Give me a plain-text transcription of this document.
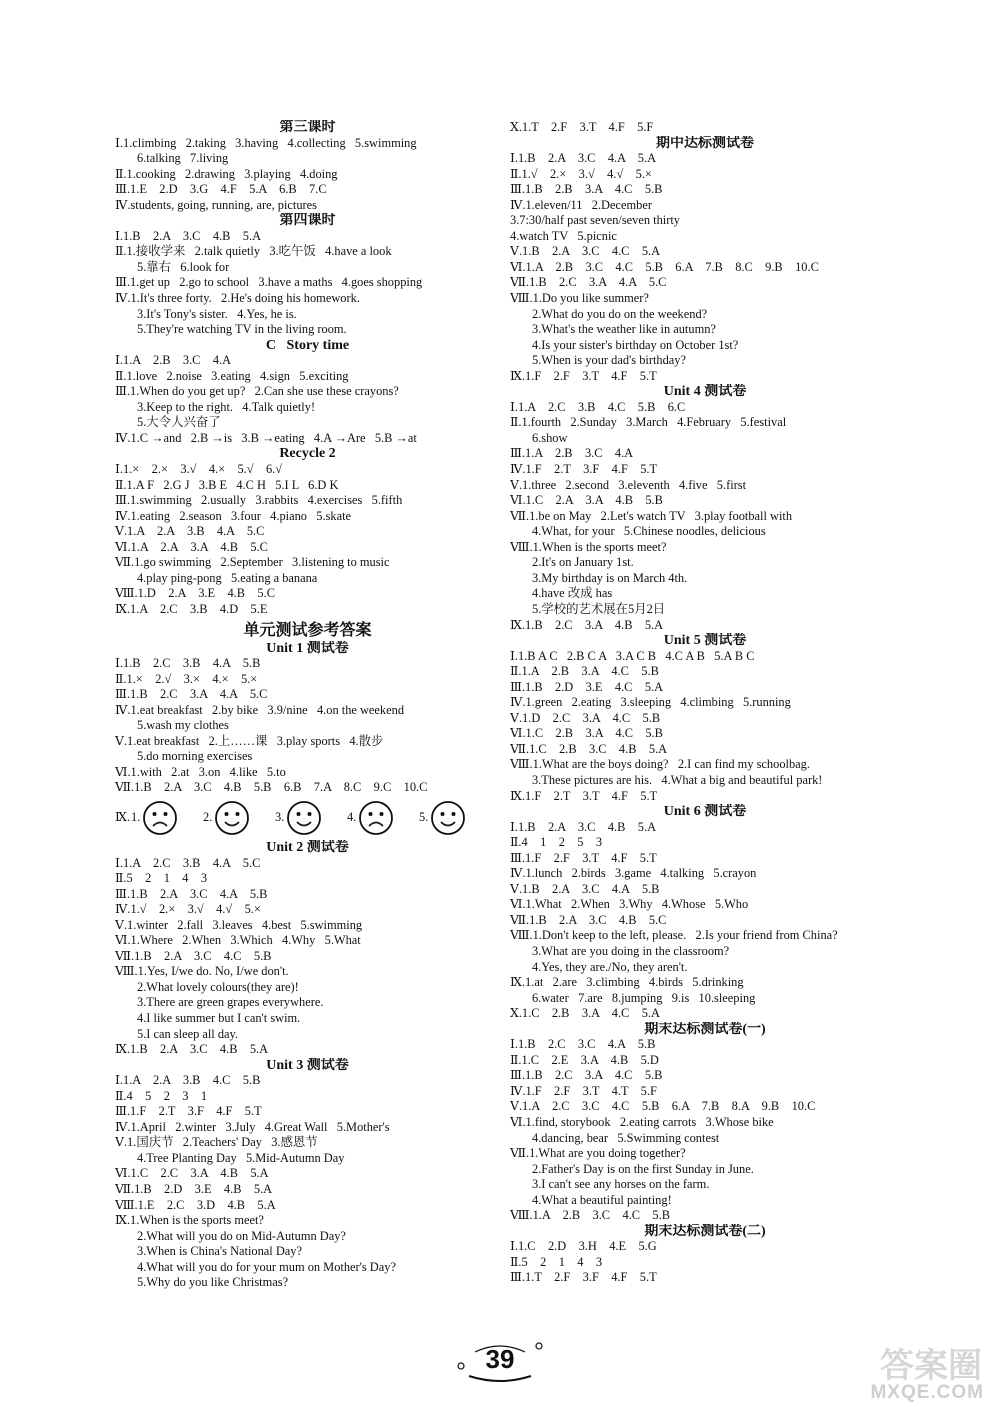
第三课时
Ⅰ.1.climbing   2.taking   3.having   4.collecting   5.swimming
6.talking   7.living
Ⅱ.1.cooking   2.drawing   3.playing   4.doing
Ⅲ.1.E    2.D    3.G    4.F    5.A    6.B    7.C
Ⅳ.students, going, running, are, pictures
第四课时
Ⅰ.1.B    2.A    3.C    4.B    5.A
Ⅱ.1.接收学来   2.talk quietly   3.吃午饭   4.have a look
5.靠右   6.look for
Ⅲ.1.get up   2.go to school   3.have a maths   4.goes shopping
Ⅳ.1.It's three forty.   2.He's doing his homework.
3.It's Tony's sister.   4.Yes, he is.
5.They're watching TV in the living room.
C   Story time
Ⅰ.1.A    2.B    3.C    4.A
Ⅱ.1.love   2.noise   3.eating   4.sign   5.exciting
Ⅲ.1.When do you get up?   2.Can she use these crayons?
3.Keep to the right.   4.Talk quietly!
5.大令人兴奋了
Ⅳ.1.C →and   2.B →is   3.B →eating   4.A →Are   5.B →at
Recycle 2
Ⅰ.1.×    2.×    3.√    4.×    5.√    6.√
Ⅱ.1.A F   2.G J   3.B E   4.C H   5.I L   6.D K
Ⅲ.1.swimming   2.usually   3.rabbits   4.exercises   5.fifth
Ⅳ.1.eating   2.season   3.four   4.piano   5.skate
Ⅴ.1.A    2.A    3.B    4.A    5.C
Ⅵ.1.A    2.A    3.A    4.B    5.C
Ⅶ.1.go swimming   2.September   3.listening to music
4.play ping-pong   5.eating a banana
Ⅷ.1.D    2.A    3.E    4.B    5.C
Ⅸ.1.A    2.C    3.B    4.D    5.E
单元测试参考答案
Unit 1 测试卷
Ⅰ.1.B    2.C    3.B    4.A    5.B
Ⅱ.1.×    2.√    3.×    4.×    5.×
Ⅲ.1.B    2.C    3.A    4.A    5.C
Ⅳ.1.eat breakfast   2.by bike   3.9/nine   4.on the weekend
5.wash my clothes
Ⅴ.1.eat breakfast   2.上……课   3.play sports   4.散步
5.do morning exercises
Ⅵ.1.with   2.at   3.on   4.like   5.to
Ⅶ.1.B    2.A    3.C    4.B    5.B    6.B    7.A    8.C    9.C    10.C
Ⅸ. 1.	2.	3.	4.	5.
Unit 2 测试卷
Ⅰ.1.A    2.C    3.B    4.A    5.C
Ⅱ.5    2    1    4    3
Ⅲ.1.B    2.A    3.C    4.A    5.B
Ⅳ.1.√    2.×    3.√    4.√    5.×
Ⅴ.1.winter   2.fall   3.leaves   4.best   5.swimming
Ⅵ.1.Where   2.When   3.Which   4.Why   5.What
Ⅶ.1.B    2.A    3.C    4.C    5.B
Ⅷ.1.Yes, I/we do. No, I/we don't.
2.What lovely colours(they are)!
3.There are green grapes everywhere.
4.I like summer but I can't swim.
5.I can sleep all day.
Ⅸ.1.B    2.A    3.C    4.B    5.A
Unit 3 测试卷
Ⅰ.1.A    2.A    3.B    4.C    5.B
Ⅱ.4    5    2    3    1
Ⅲ.1.F    2.T    3.F    4.F    5.T
Ⅳ.1.April   2.winter   3.July   4.Great Wall   5.Mother's
Ⅴ.1.国庆节   2.Teachers' Day   3.感恩节
4.Tree Planting Day   5.Mid-Autumn Day
Ⅵ.1.C    2.C    3.A    4.B    5.A
Ⅶ.1.B    2.D    3.E    4.B    5.A
Ⅷ.1.E    2.C    3.D    4.B    5.A
Ⅸ.1.When is the sports meet?
2.What will you do on Mid-Autumn Day?
3.When is China's National Day?
4.What will you do for your mum on Mother's Day?
5.Why do you like Christmas?
Ⅹ.1.T    2.F    3.T    4.F    5.F
期中达标测试卷
Ⅰ.1.B    2.A    3.C    4.A    5.A
Ⅱ.1.√    2.×    3.√    4.√    5.×
Ⅲ.1.B    2.B    3.A    4.C    5.B
Ⅳ.1.eleven/11   2.December
3.7:30/half past seven/seven thirty
4.watch TV   5.picnic
Ⅴ.1.B    2.A    3.C    4.C    5.A
Ⅵ.1.A    2.B    3.C    4.C    5.B    6.A    7.B    8.C    9.B    10.C
Ⅶ.1.B    2.C    3.A    4.A    5.C
Ⅷ.1.Do you like summer?
2.What do you do on the weekend?
3.What's the weather like in autumn?
4.Is your sister's birthday on October 1st?
5.When is your dad's birthday?
Ⅸ.1.F    2.F    3.T    4.F    5.T
Unit 4 测试卷
Ⅰ.1.A    2.C    3.B    4.C    5.B    6.C
Ⅱ.1.fourth   2.Sunday   3.March   4.February   5.festival
6.show
Ⅲ.1.A    2.B    3.C    4.A
Ⅳ.1.F    2.T    3.F    4.F    5.T
Ⅴ.1.three   2.second   3.eleventh   4.five   5.first
Ⅵ.1.C    2.A    3.A    4.B    5.B
Ⅶ.1.be on May   2.Let's watch TV   3.play football with
4.What, for your   5.Chinese noodles, delicious
Ⅷ.1.When is the sports meet?
2.It's on January 1st.
3.My birthday is on March 4th.
4.have 改成 has
5.学校的艺术展在5月2日
Ⅸ.1.B    2.C    3.A    4.B    5.A
Unit 5 测试卷
Ⅰ.1.B A C   2.B C A   3.A C B   4.C A B   5.A B C
Ⅱ.1.A    2.B    3.A    4.C    5.B
Ⅲ.1.B    2.D    3.E    4.C    5.A
Ⅳ.1.green   2.eating   3.sleeping   4.climbing   5.running
Ⅴ.1.D    2.C    3.A    4.C    5.B
Ⅵ.1.C    2.B    3.A    4.C    5.B
Ⅶ.1.C    2.B    3.C    4.B    5.A
Ⅷ.1.What are the boys doing?   2.I can find my schoolbag.
3.These pictures are his.   4.What a big and beautiful park!
Ⅸ.1.F    2.T    3.T    4.F    5.T
Unit 6 测试卷
Ⅰ.1.B    2.A    3.C    4.B    5.A
Ⅱ.4    1    2    5    3
Ⅲ.1.F    2.F    3.T    4.F    5.T
Ⅳ.1.lunch   2.birds   3.game   4.talking   5.crayon
Ⅴ.1.B    2.A    3.C    4.A    5.B
Ⅵ.1.What   2.When   3.Why   4.Whose   5.Who
Ⅶ.1.B    2.A    3.C    4.B    5.C
Ⅷ.1.Don't keep to the left, please.   2.Is your friend from China?
3.What are you doing in the classroom?
4.Yes, they are./No, they aren't.
Ⅸ.1.at   2.are   3.climbing   4.birds   5.drinking
6.water   7.are   8.jumping   9.is   10.sleeping
Ⅹ.1.C    2.B    3.A    4.C    5.A
期末达标测试卷(一)
Ⅰ.1.B    2.C    3.C    4.A    5.B
Ⅱ.1.C    2.E    3.A    4.B    5.D
Ⅲ.1.B    2.C    3.A    4.C    5.B
Ⅳ.1.F    2.F    3.T    4.T    5.F
Ⅴ.1.A    2.C    3.C    4.C    5.B    6.A    7.B    8.A    9.B    10.C
Ⅵ.1.find, storybook   2.eating carrots   3.Whose bike
4.dancing, bear   5.Swimming contest
Ⅶ.1.What are you doing together?
2.Father's Day is on the first Sunday in June.
3.I can't see any horses on the farm.
4.What a beautiful painting!
Ⅷ.1.A    2.B    3.C    4.C    5.B
期末达标测试卷(二)
Ⅰ.1.C    2.D    3.H    4.E    5.G
Ⅱ.5    2    1    4    3
Ⅲ.1.T    2.F    3.F    4.F    5.T
39	答案圈
MXQE.COM
